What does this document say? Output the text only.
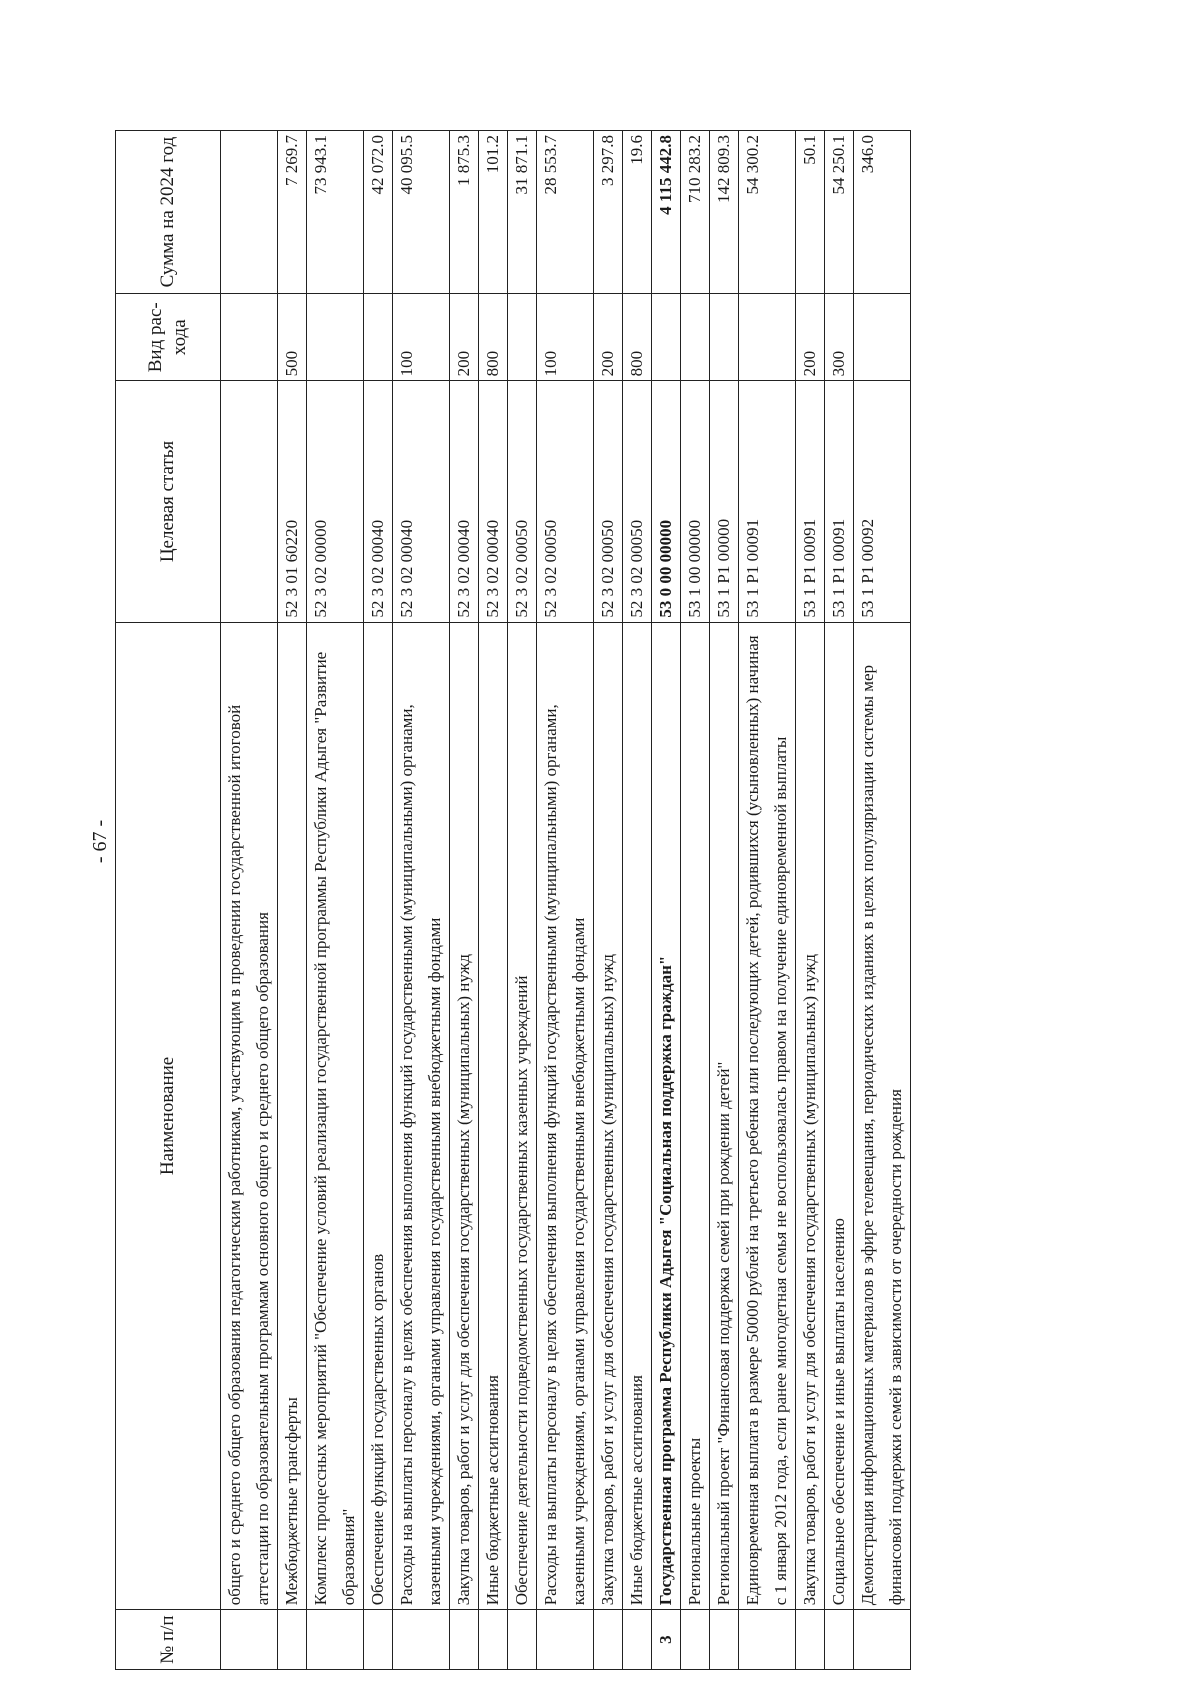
- 67 -
№ п/п	Наименование	Целевая статья	Вид рас- хода	Сумма на 2024 год
	общего и среднего общего образования педагогическим работникам, участвующим в проведении государственной итоговой аттестации по образовательным программам основного общего и среднего общего образования			
	Межбюджетные трансферты	52 3 01 60220	500	7 269.7
	Комплекс процессных мероприятий "Обеспечение условий реализации государственной программы Республики Адыгея "Развитие образования"	52 3 02 00000		73 943.1
	Обеспечение функций государственных органов	52 3 02 00040		42 072.0
	Расходы на выплаты персоналу в целях обеспечения выполнения функций государственными (муниципальными) органами, казенными учреждениями, органами управления государственными внебюджетными фондами	52 3 02 00040	100	40 095.5
	Закупка товаров, работ и услуг для обеспечения государственных (муниципальных) нужд	52 3 02 00040	200	1 875.3
	Иные бюджетные ассигнования	52 3 02 00040	800	101.2
	Обеспечение деятельности подведомственных государственных казенных учреждений	52 3 02 00050		31 871.1
	Расходы на выплаты персоналу в целях обеспечения выполнения функций государственными (муниципальными) органами, казенными учреждениями, органами управления государственными внебюджетными фондами	52 3 02 00050	100	28 553.7
	Закупка товаров, работ и услуг для обеспечения государственных (муниципальных) нужд	52 3 02 00050	200	3 297.8
	Иные бюджетные ассигнования	52 3 02 00050	800	19.6
3	Государственная программа Республики Адыгея "Социальная поддержка граждан"	53 0 00 00000		4 115 442.8
	Региональные проекты	53 1 00 00000		710 283.2
	Региональный проект "Финансовая поддержка семей при рождении детей"	53 1 P1 00000		142 809.3
	Единовременная выплата в размере 50000 рублей на третьего ребенка или последующих детей, родившихся (усыновленных) начиная с 1 января 2012 года, если ранее многодетная семья не воспользовалась правом на получение единовременной выплаты	53 1 P1 00091		54 300.2
	Закупка товаров, работ и услуг для обеспечения государственных (муниципальных) нужд	53 1 P1 00091	200	50.1
	Социальное обеспечение и иные выплаты населению	53 1 P1 00091	300	54 250.1
	Демонстрация информационных материалов в эфире телевещания, периодических изданиях в целях популяризации системы мер финансовой поддержки семей в зависимости от очередности рождения	53 1 P1 00092		346.0
